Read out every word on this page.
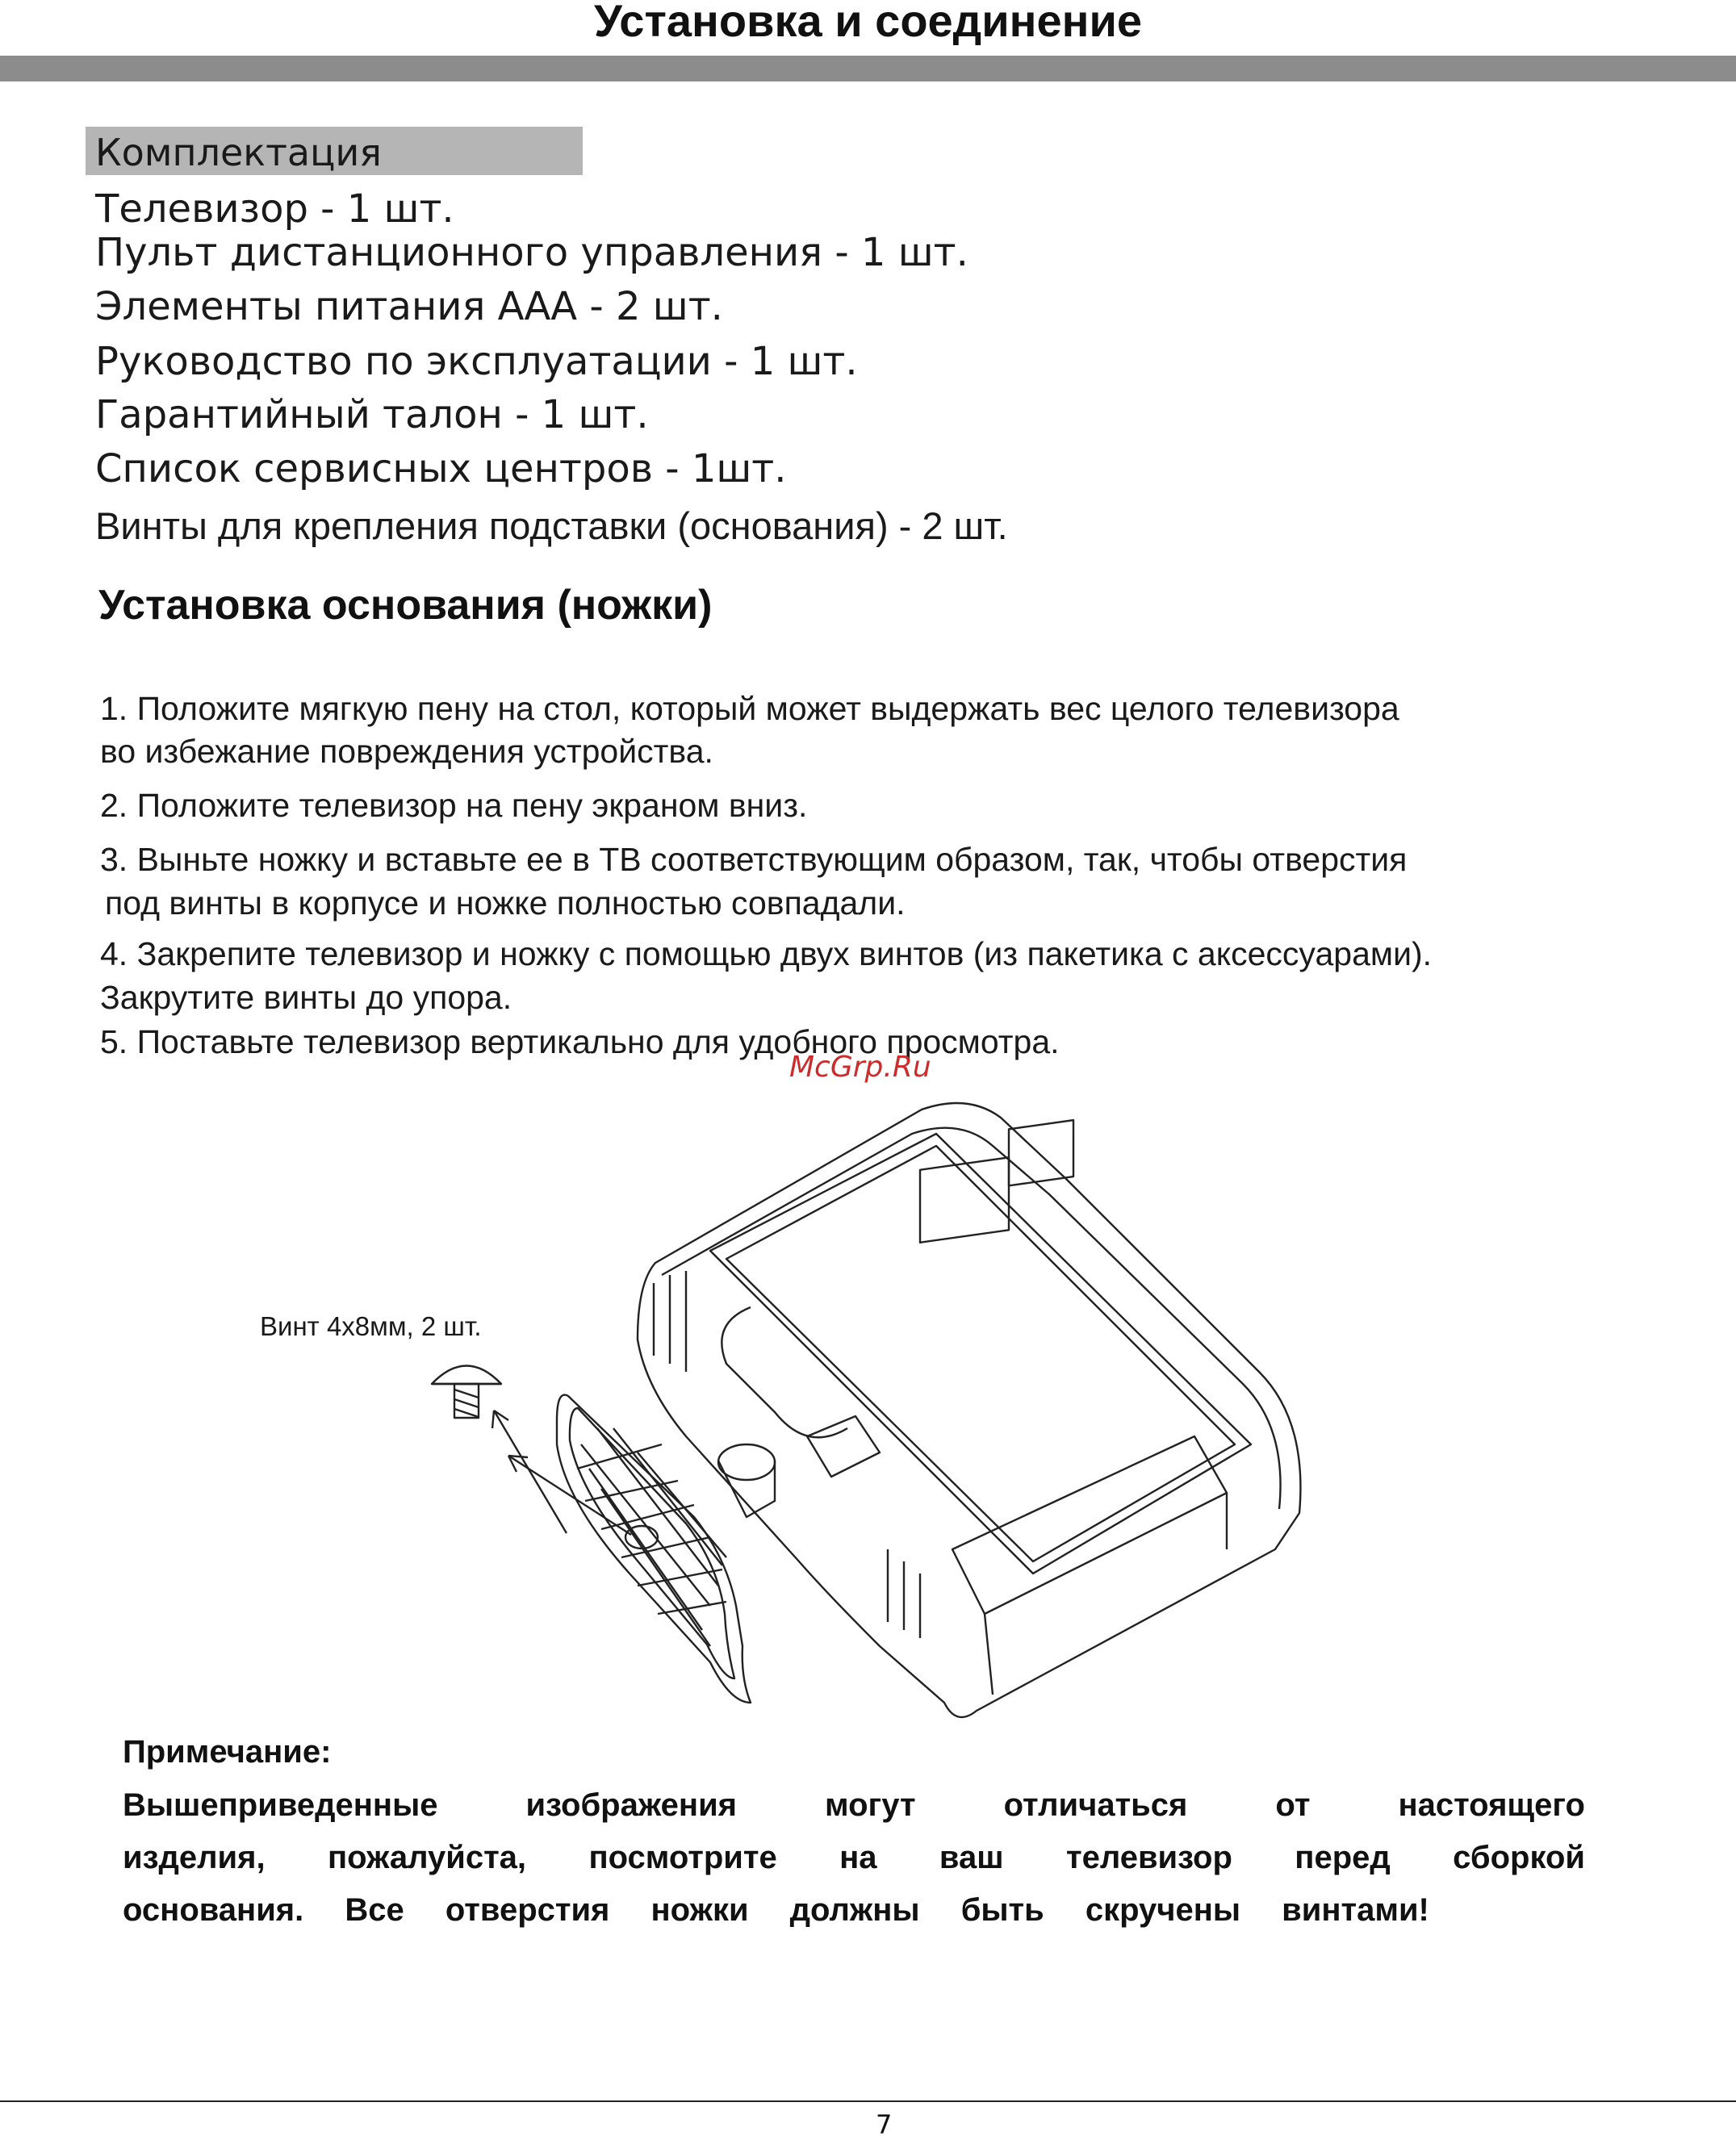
Установка и соединение
Комплектация
Телевизор - 1 шт.
Пульт дистанционного управления - 1 шт.
Элементы питания ААА - 2 шт.
Руководство по эксплуатации - 1 шт.
Гарантийный талон - 1 шт.
Список сервисных центров - 1шт.
Винты для крепления подставки (основания) - 2 шт.
Установка основания (ножки)
1. Положите мягкую пену на стол, который может выдержать вес целого телевизора
во избежание повреждения устройства.
2. Положите телевизор на пену экраном вниз.
3. Выньте ножку и вставьте ее в ТВ соответствующим образом, так, чтобы отверстия
под винты в корпусе и ножке полностью совпадали.
4. Закрепите телевизор и ножку с помощью двух винтов (из пакетика с аксессуарами).
Закрутите винты до упора.
5. Поставьте телевизор вертикально для удобного просмотра.
McGrp.Ru
Винт 4х8мм, 2 шт.
Примечание:
Вышеприведенные изображения могут отличаться от настоящего
изделия, пожалуйста, посмотрите на ваш телевизор перед сборкой
основания. Все отверстия ножки должны быть скручены винтами!
7
